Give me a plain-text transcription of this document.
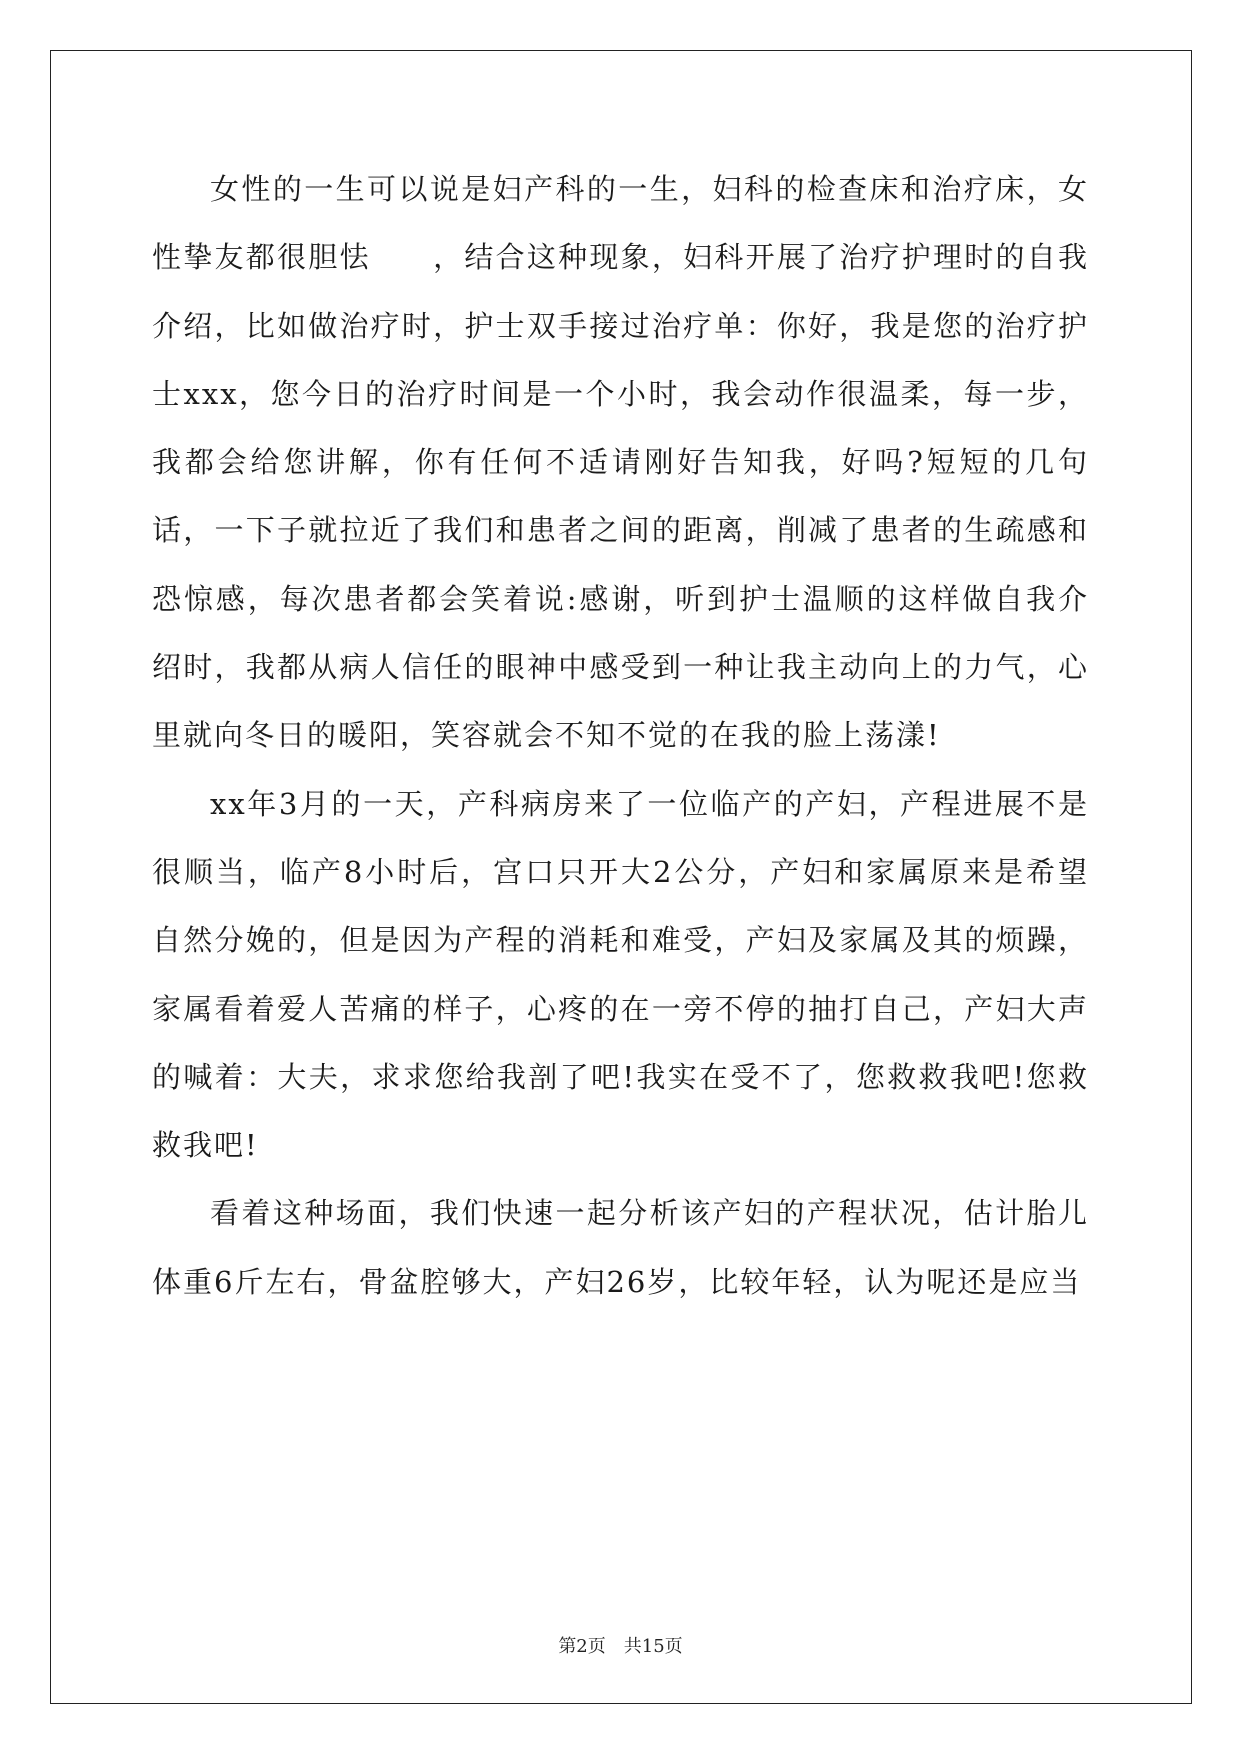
女性的一生可以说是妇产科的一生，妇科的检查床和治疗床，女性挚友都很胆怯　　，结合这种现象，妇科开展了治疗护理时的自我介绍，比如做治疗时，护士双手接过治疗单：你好，我是您的治疗护士xxx，您今日的治疗时间是一个小时，我会动作很温柔，每一步，我都会给您讲解，你有任何不适请刚好告知我，好吗?短短的几句话，一下子就拉近了我们和患者之间的距离，削减了患者的生疏感和恐惊感，每次患者都会笑着说:感谢，听到护士温顺的这样做自我介绍时，我都从病人信任的眼神中感受到一种让我主动向上的力气，心里就向冬日的暖阳，笑容就会不知不觉的在我的脸上荡漾!

xx年3月的一天，产科病房来了一位临产的产妇，产程进展不是很顺当，临产8小时后，宫口只开大2公分，产妇和家属原来是希望自然分娩的，但是因为产程的消耗和难受，产妇及家属及其的烦躁，家属看着爱人苦痛的样子，心疼的在一旁不停的抽打自己，产妇大声的喊着：大夫，求求您给我剖了吧!我实在受不了，您救救我吧!您救救我吧!

看着这种场面，我们快速一起分析该产妇的产程状况，估计胎儿体重6斤左右，骨盆腔够大，产妇26岁，比较年轻，认为呢还是应当

第2页　共15页
